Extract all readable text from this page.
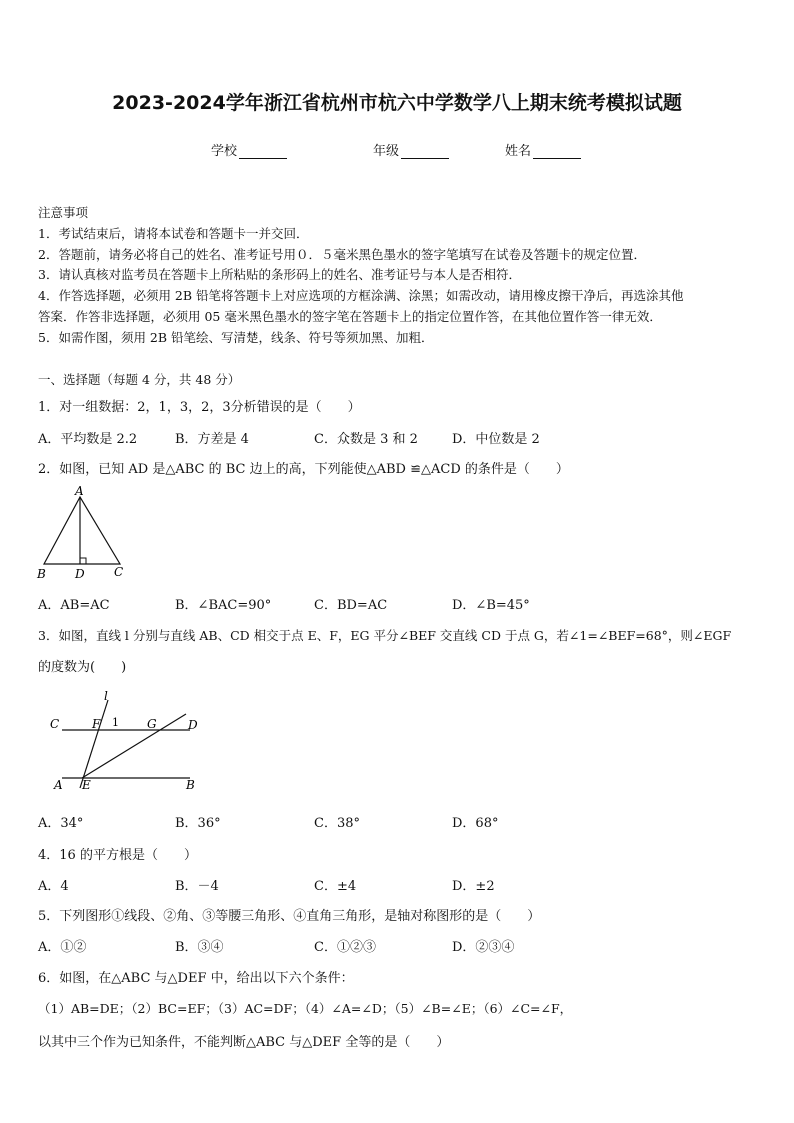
2023-2024学年浙江省杭州市杭六中学数学八上期末统考模拟试题
学校	年级	姓名
注意事项
1．考试结束后，请将本试卷和答题卡一并交回．
2．答题前，请务必将自己的姓名、准考证号用０．５毫米黑色墨水的签字笔填写在试卷及答题卡的规定位置．
3．请认真核对监考员在答题卡上所粘贴的条形码上的姓名、准考证号与本人是否相符．
4．作答选择题，必须用 2B 铅笔将答题卡上对应选项的方框涂满、涂黑；如需改动，请用橡皮擦干净后，再选涂其他
答案．作答非选择题，必须用 05 毫米黑色墨水的签字笔在答题卡上的指定位置作答，在其他位置作答一律无效．
5．如需作图，须用 2B 铅笔绘、写清楚，线条、符号等须加黑、加粗．
一、选择题（每题 4 分，共 48 分）
1．对一组数据：2，1，3，2，3分析错误的是（　　）
A．平均数是 2.2	B．方差是 4	C．众数是 3 和 2	D．中位数是 2
2．如图，已知 AD 是△ABC 的 BC 边上的高，下列能使△ABD ≌△ACD 的条件是（　　）
A
B D C
A．AB=AC	B．∠BAC=90°	C．BD=AC	D．∠B=45°
3．如图，直线 l 分别与直线 AB、CD 相交于点 E、F，EG 平分∠BEF 交直线 CD 于点 G，若∠1=∠BEF=68°，则∠EGF
的度数为(　　)
l
C	F 1 G	D
A E	B
A．34°	B．36°	C．38°	D．68°
4．16 的平方根是（　　）
A．4	B．－4	C．±4	D．±2
5．下列图形①线段、②角、③等腰三角形、④直角三角形，是轴对称图形的是（　　）
A．①②	B．③④	C．①②③	D．②③④
6．如图，在△ABC 与△DEF 中，给出以下六个条件：
（1）AB=DE；（2）BC=EF；（3）AC=DF；（4）∠A=∠D；（5）∠B=∠E；（6）∠C=∠F，
以其中三个作为已知条件，不能判断△ABC 与△DEF 全等的是（　　）
